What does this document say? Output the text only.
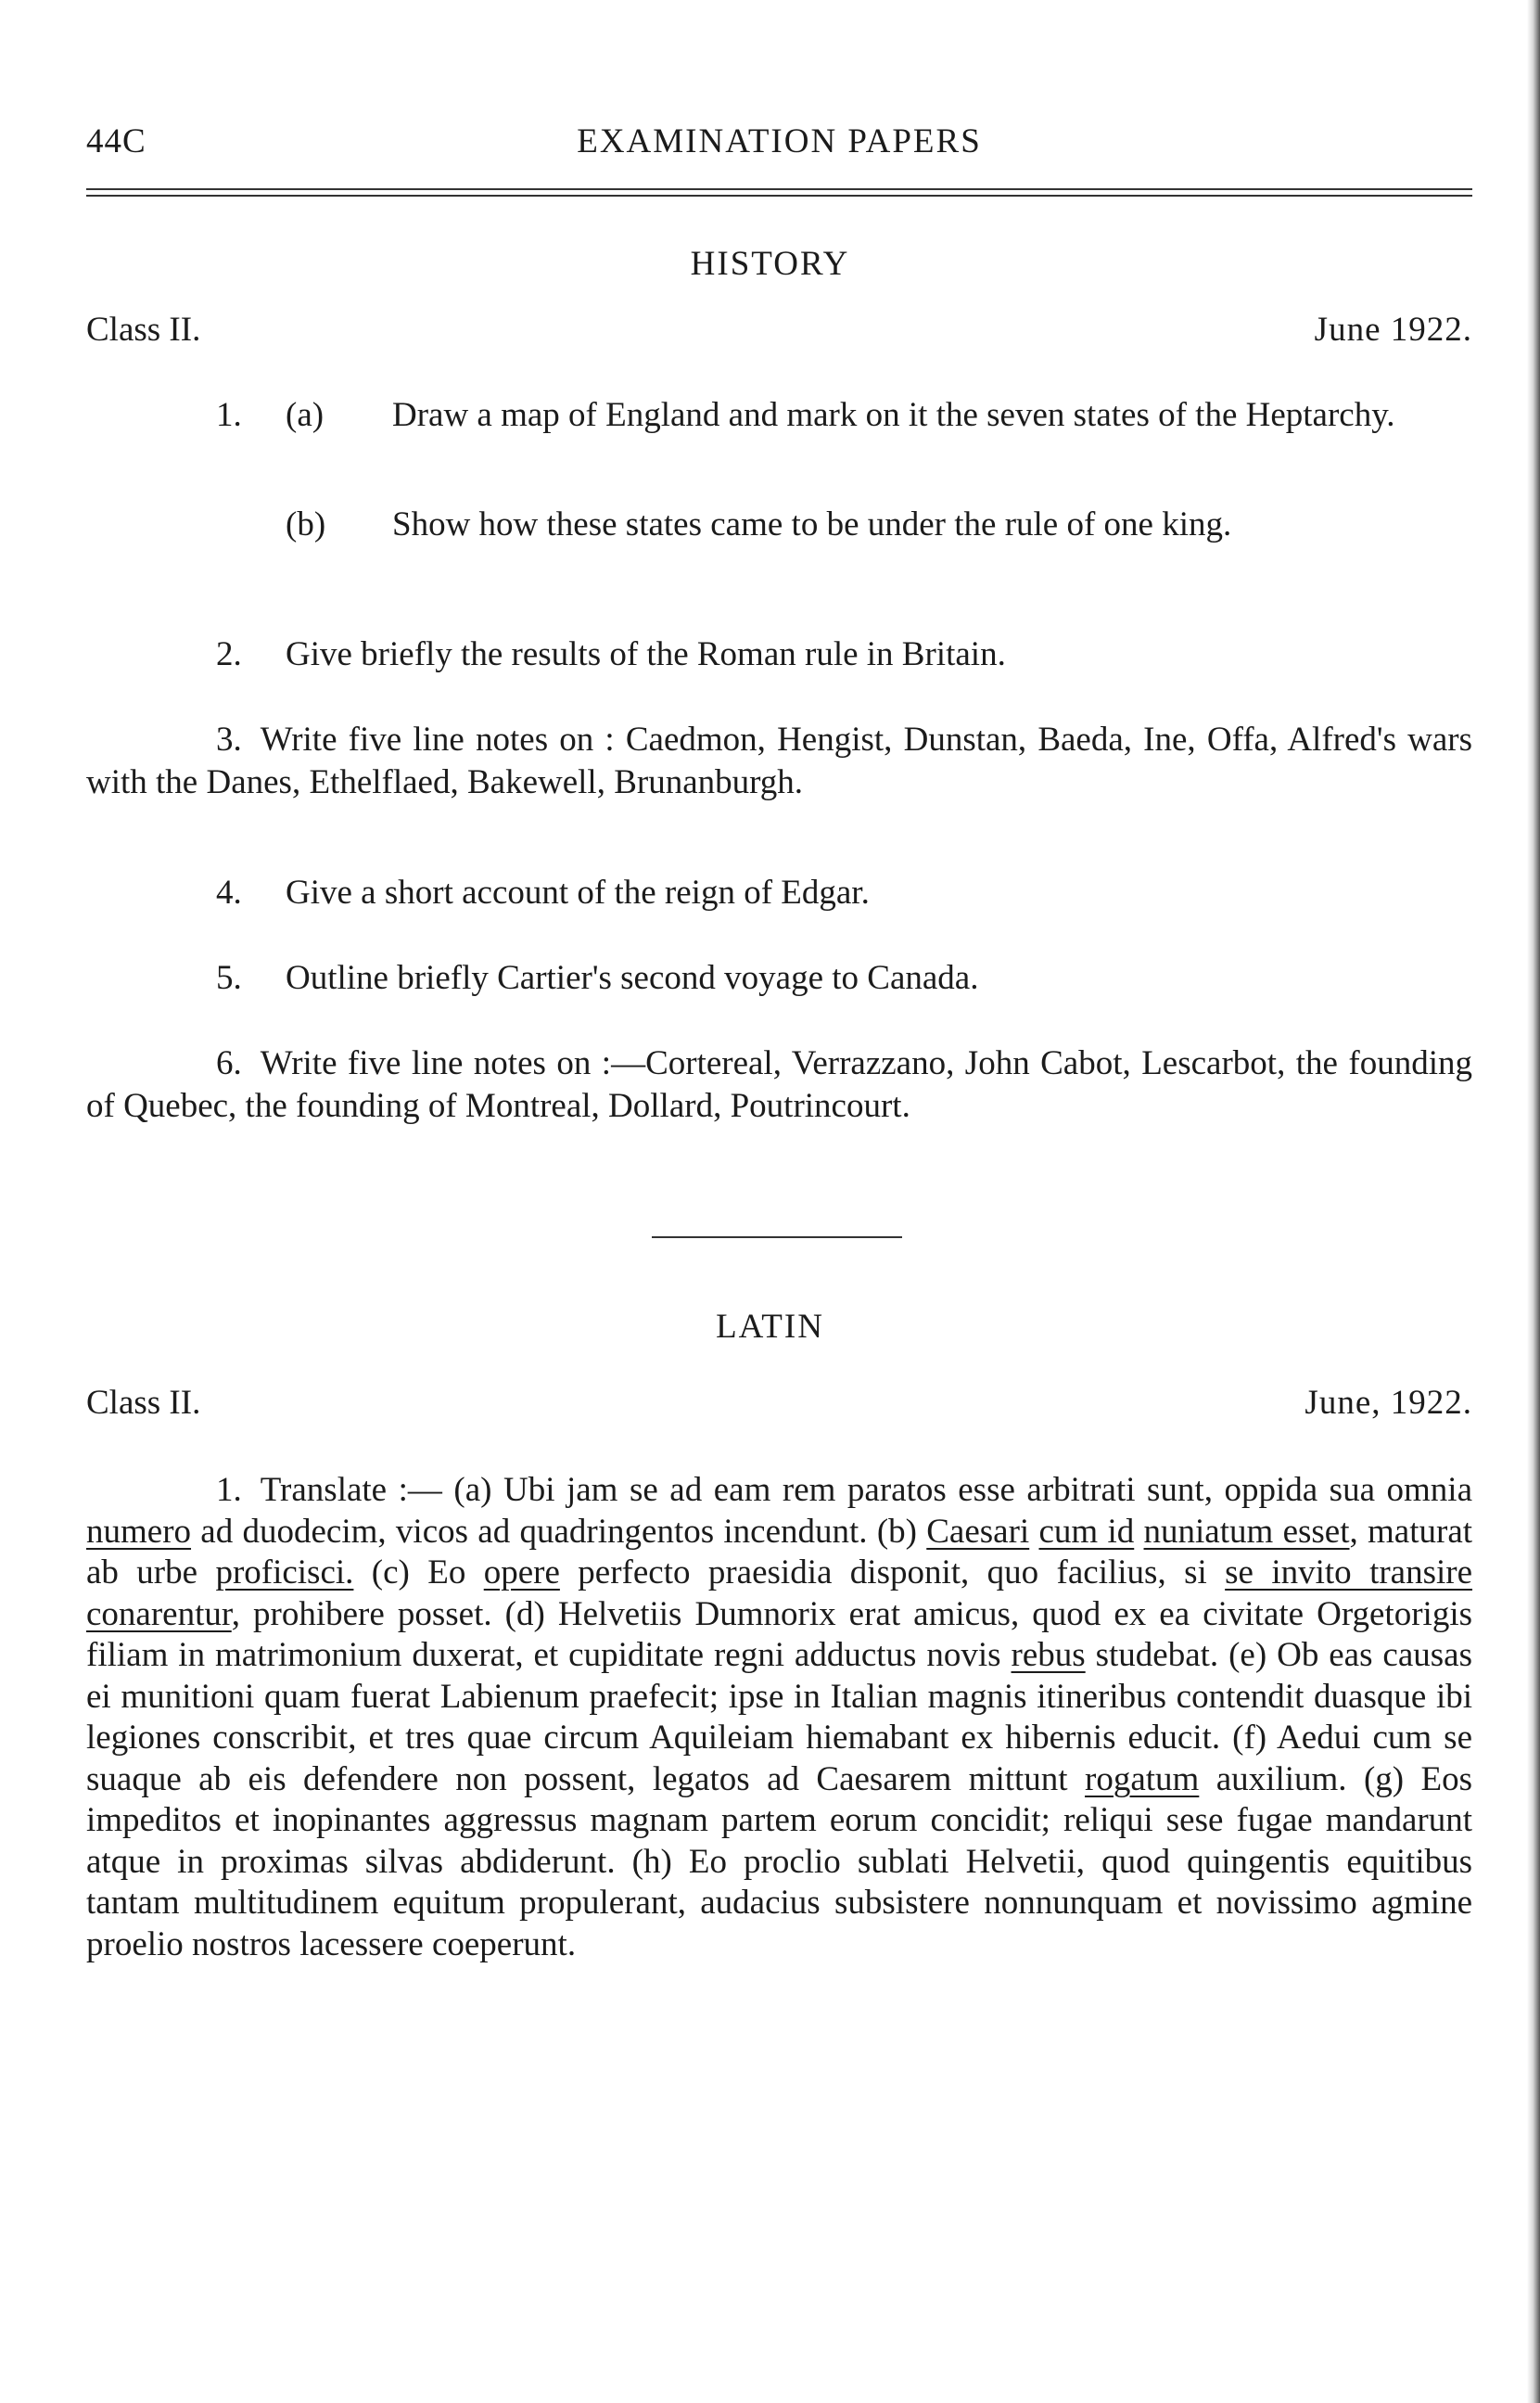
44C	EXAMINATION PAPERS
HISTORY
Class II.	June 1922.
1. (a) Draw a map of England and mark on it the seven states of the Heptarchy.
(b) Show how these states came to be under the rule of one king.
2. Give briefly the results of the Roman rule in Britain.
3. Write five line notes on : Caedmon, Hengist, Dunstan, Baeda, Ine, Offa, Alfred's wars with the Danes, Ethelflaed, Bakewell, Brunanburgh.
4. Give a short account of the reign of Edgar.
5. Outline briefly Cartier's second voyage to Canada.
6. Write five line notes on :—Cortereal, Verrazzano, John Cabot, Lescarbot, the founding of Quebec, the founding of Montreal, Dollard, Poutrincourt.
LATIN
Class II.	June, 1922.
1. Translate :— (a) Ubi jam se ad eam rem paratos esse arbitrati sunt, oppida sua omnia numero ad duodecim, vicos ad quadringentos incendunt. (b) Caesari cum id nuniatum esset, maturat ab urbe proficisci. (c) Eo opere perfecto praesidia disponit, quo facilius, si se invito transire conarentur, prohibere posset. (d) Helvetiis Dumnorix erat amicus, quod ex ea civitate Orgetorigis filiam in matrimonium duxerat, et cupiditate regni adductus novis rebus studebat. (e) Ob eas causas ei munitioni quam fuerat Labienum praefecit; ipse in Italian magnis itineribus contendit duasque ibi legiones conscribit, et tres quae circum Aquileiam hiemabant ex hibernis educit. (f) Aedui cum se suaque ab eis defendere non possent, legatos ad Caesarem mittunt rogatum auxilium. (g) Eos impeditos et inopinantes aggressus magnam partem eorum concidit; reliqui sese fugae mandarunt atque in proximas silvas abdiderunt. (h) Eo proclio sublati Helvetii, quod quingentis equitibus tantam multitudinem equitum propulerant, audacius subsistere nonnunquam et novissimo agmine proelio nostros lacessere coeperunt.
